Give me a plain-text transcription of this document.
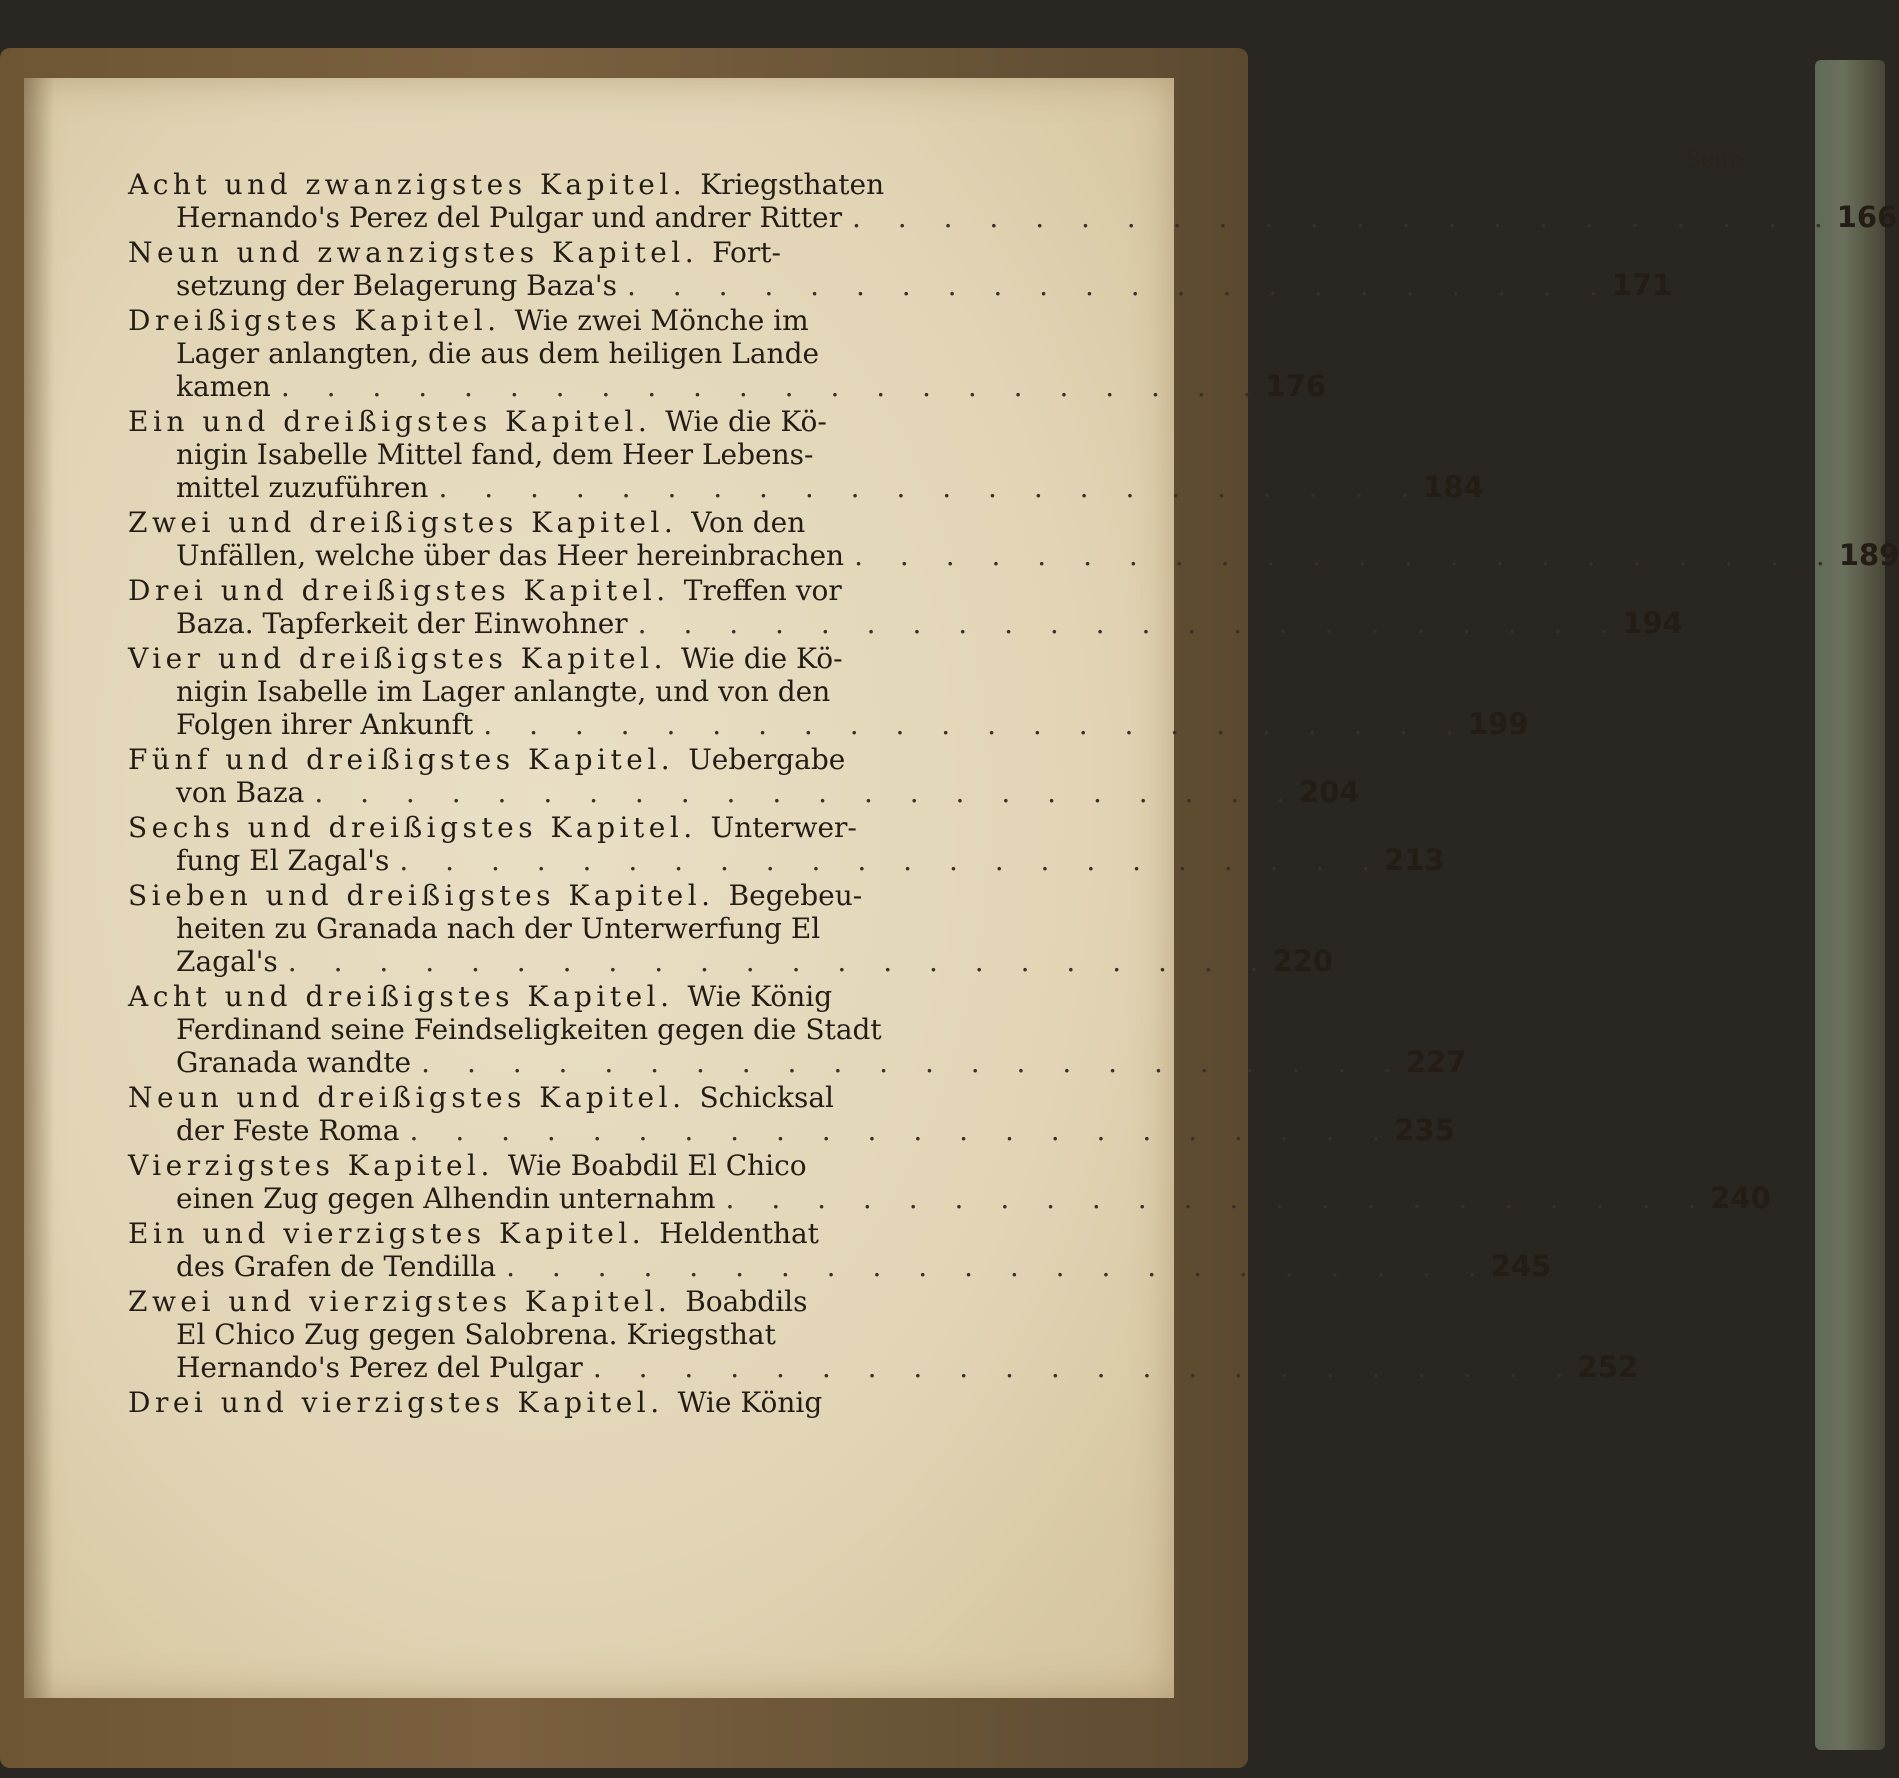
Seite
Acht und zwanzigstes Kapitel. Kriegsthaten
Hernando's Perez del Pulgar und andrer Ritter . . . . . . . . . . . . . . . . . . . . . . 166
Neun und zwanzigstes Kapitel. Fort-
setzung der Belagerung Baza's . . . . . . . . . . . . . . . . . . . . . . 171
Dreißigstes Kapitel. Wie zwei Mönche im
Lager anlangten, die aus dem heiligen Lande
kamen . . . . . . . . . . . . . . . . . . . . . . 176
Ein und dreißigstes Kapitel. Wie die Kö-
nigin Isabelle Mittel fand, dem Heer Lebens-
mittel zuzuführen . . . . . . . . . . . . . . . . . . . . . . 184
Zwei und dreißigstes Kapitel. Von den
Unfällen, welche über das Heer hereinbrachen . . . . . . . . . . . . . . . . . . . . . . 189
Drei und dreißigstes Kapitel. Treffen vor
Baza. Tapferkeit der Einwohner . . . . . . . . . . . . . . . . . . . . . . 194
Vier und dreißigstes Kapitel. Wie die Kö-
nigin Isabelle im Lager anlangte, und von den
Folgen ihrer Ankunft . . . . . . . . . . . . . . . . . . . . . . 199
Fünf und dreißigstes Kapitel. Uebergabe
von Baza . . . . . . . . . . . . . . . . . . . . . . 204
Sechs und dreißigstes Kapitel. Unterwer-
fung El Zagal's . . . . . . . . . . . . . . . . . . . . . . 213
Sieben und dreißigstes Kapitel. Begebeu-
heiten zu Granada nach der Unterwerfung El
Zagal's . . . . . . . . . . . . . . . . . . . . . . 220
Acht und dreißigstes Kapitel. Wie König
Ferdinand seine Feindseligkeiten gegen die Stadt
Granada wandte . . . . . . . . . . . . . . . . . . . . . . 227
Neun und dreißigstes Kapitel. Schicksal
der Feste Roma . . . . . . . . . . . . . . . . . . . . . . 235
Vierzigstes Kapitel. Wie Boabdil El Chico
einen Zug gegen Alhendin unternahm . . . . . . . . . . . . . . . . . . . . . . 240
Ein und vierzigstes Kapitel. Heldenthat
des Grafen de Tendilla . . . . . . . . . . . . . . . . . . . . . . 245
Zwei und vierzigstes Kapitel. Boabdils
El Chico Zug gegen Salobrena. Kriegsthat
Hernando's Perez del Pulgar . . . . . . . . . . . . . . . . . . . . . . 252
Drei und vierzigstes Kapitel. Wie König
